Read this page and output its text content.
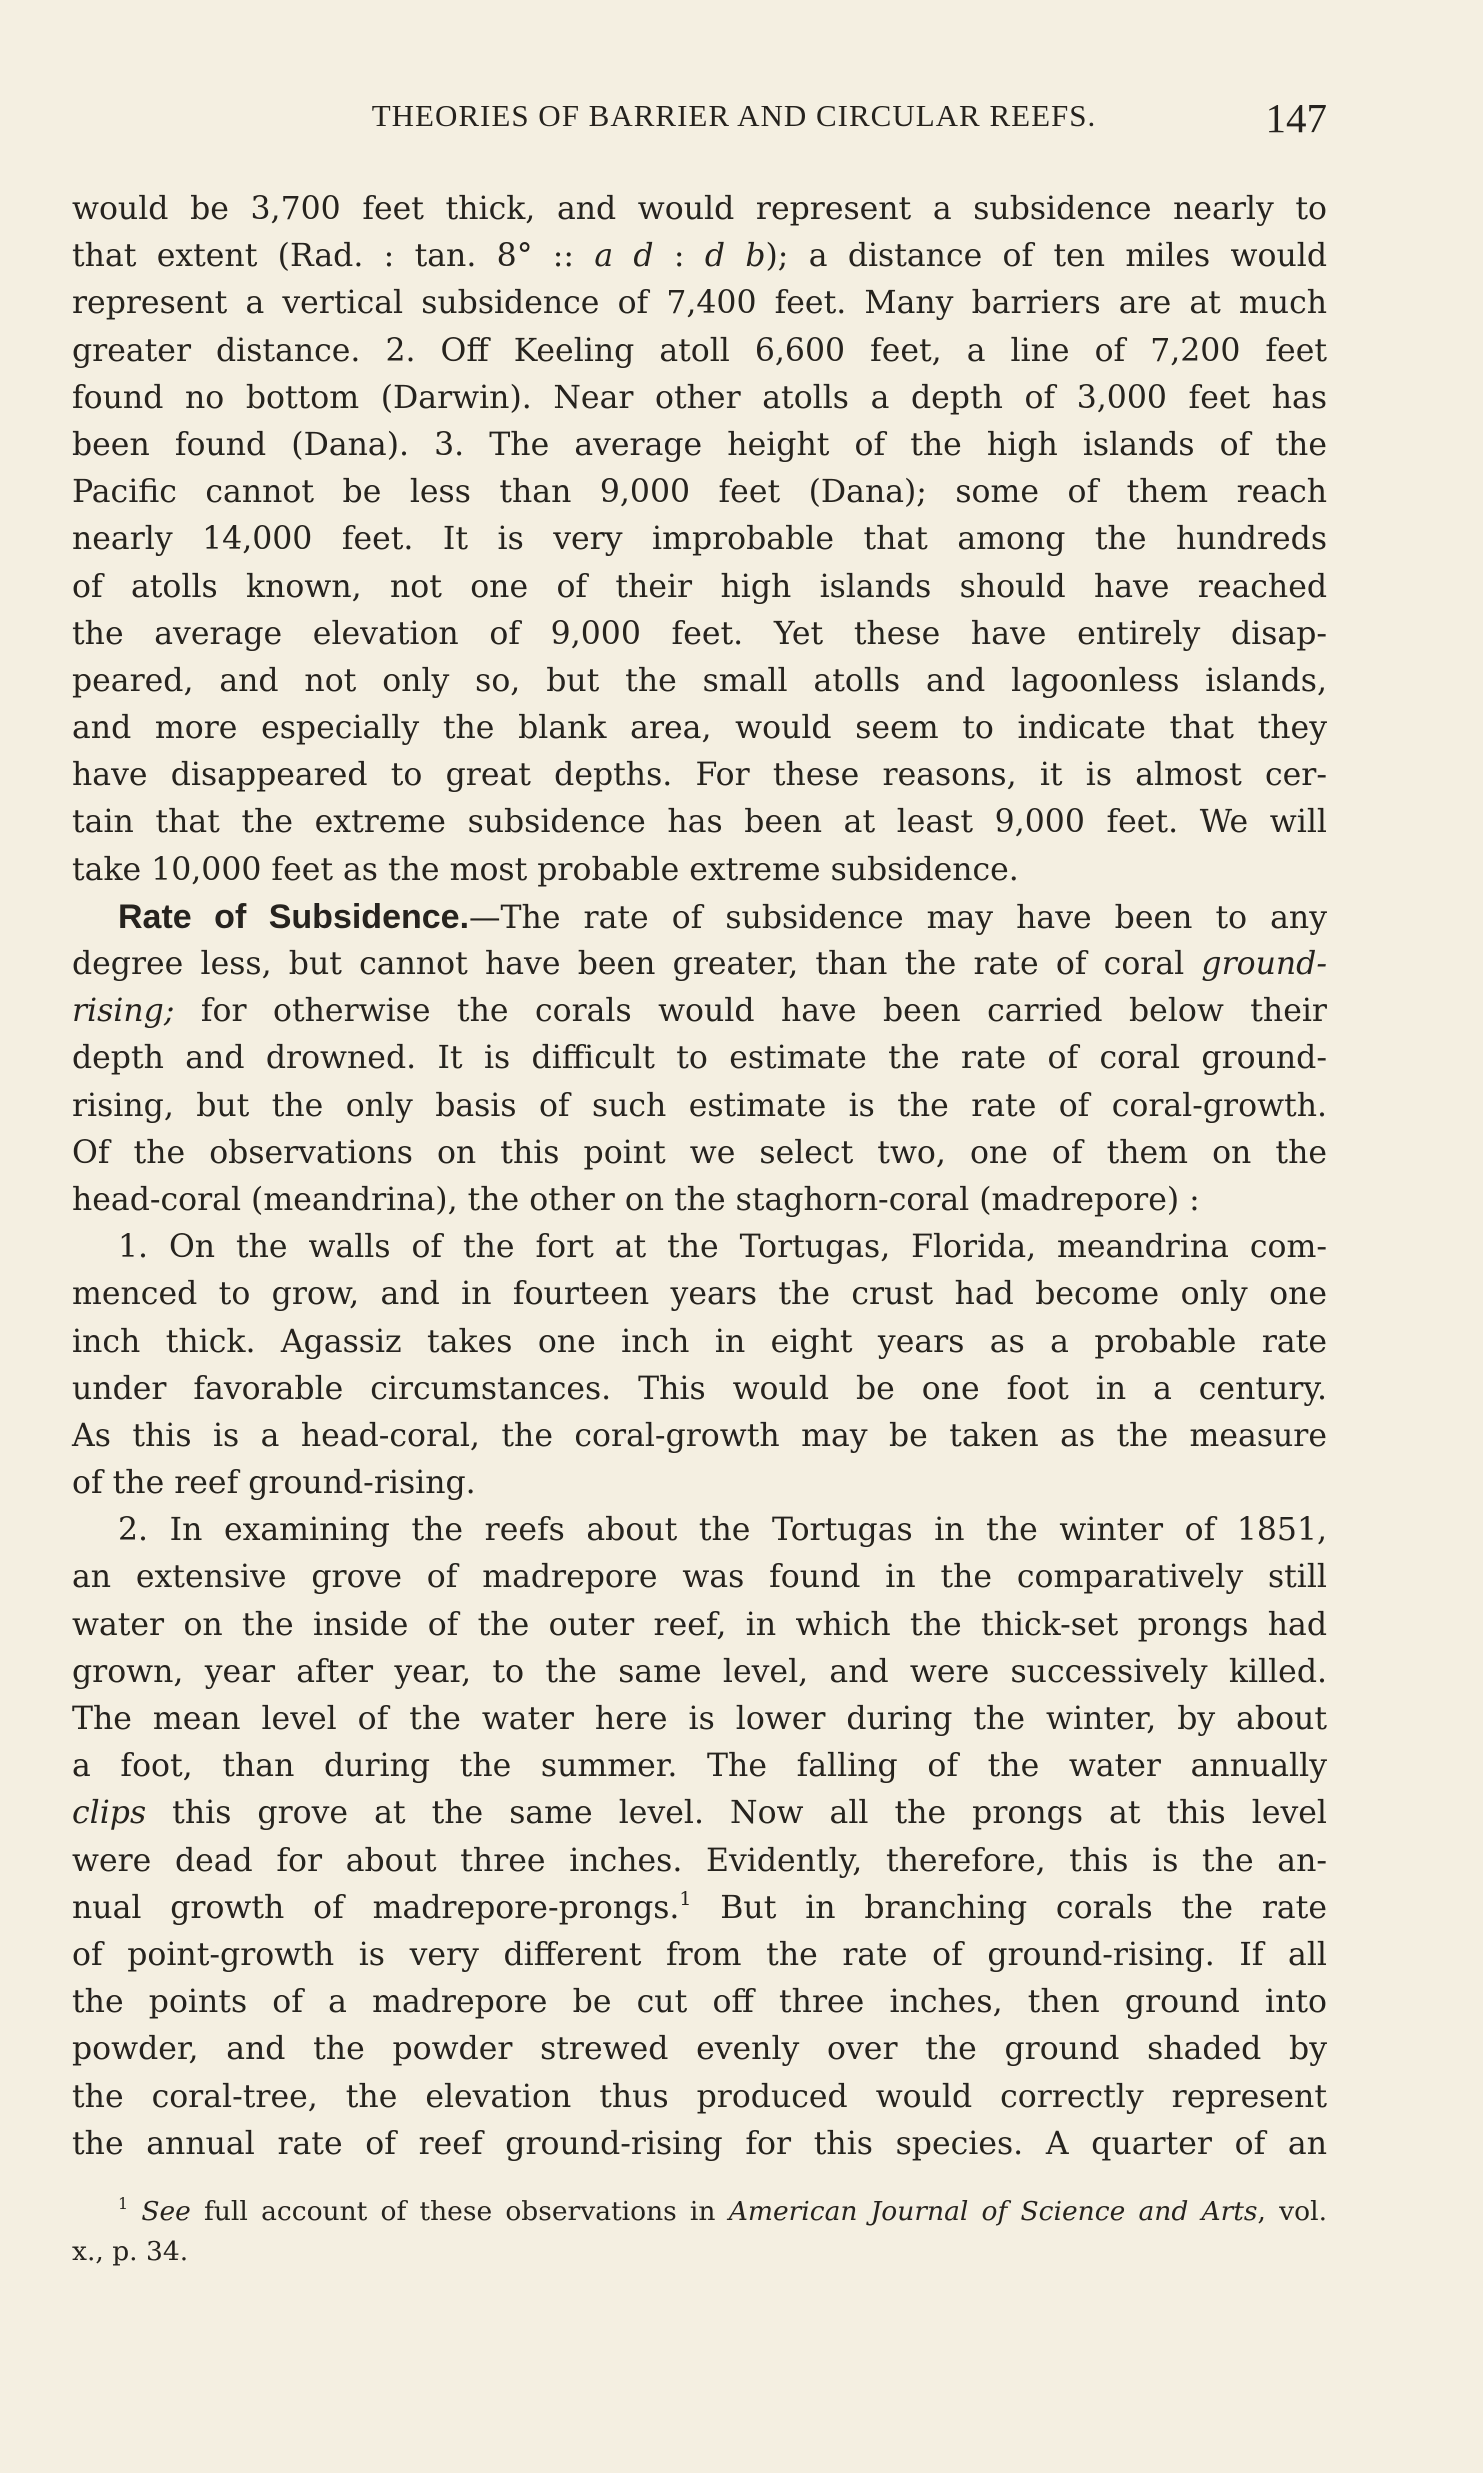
THEORIES OF BARRIER AND CIRCULAR REEFS.	147
would be 3,700 feet thick, and would represent a subsidence nearly to
that extent (Rad. : tan. 8° :: a d : d b); a distance of ten miles would
represent a vertical subsidence of 7,400 feet. Many barriers are at much
greater distance. 2. Off Keeling atoll 6,600 feet, a line of 7,200 feet
found no bottom (Darwin). Near other atolls a depth of 3,000 feet has
been found (Dana). 3. The average height of the high islands of the
Pacific cannot be less than 9,000 feet (Dana); some of them reach
nearly 14,000 feet. It is very improbable that among the hundreds
of atolls known, not one of their high islands should have reached
the average elevation of 9,000 feet. Yet these have entirely disap-
peared, and not only so, but the small atolls and lagoonless islands,
and more especially the blank area, would seem to indicate that they
have disappeared to great depths. For these reasons, it is almost cer-
tain that the extreme subsidence has been at least 9,000 feet. We will
take 10,000 feet as the most probable extreme subsidence.
Rate of Subsidence.—The rate of subsidence may have been to any
degree less, but cannot have been greater, than the rate of coral ground-
rising; for otherwise the corals would have been carried below their
depth and drowned. It is difficult to estimate the rate of coral ground-
rising, but the only basis of such estimate is the rate of coral-growth.
Of the observations on this point we select two, one of them on the
head-coral (meandrina), the other on the staghorn-coral (madrepore) :
1. On the walls of the fort at the Tortugas, Florida, meandrina com-
menced to grow, and in fourteen years the crust had become only one
inch thick. Agassiz takes one inch in eight years as a probable rate
under favorable circumstances. This would be one foot in a century.
As this is a head-coral, the coral-growth may be taken as the measure
of the reef ground-rising.
2. In examining the reefs about the Tortugas in the winter of 1851,
an extensive grove of madrepore was found in the comparatively still
water on the inside of the outer reef, in which the thick-set prongs had
grown, year after year, to the same level, and were successively killed.
The mean level of the water here is lower during the winter, by about
a foot, than during the summer. The falling of the water annually
clips this grove at the same level. Now all the prongs at this level
were dead for about three inches. Evidently, therefore, this is the an-
nual growth of madrepore-prongs.$^1$ But in branching corals the rate
of point-growth is very different from the rate of ground-rising. If all
the points of a madrepore be cut off three inches, then ground into
powder, and the powder strewed evenly over the ground shaded by
the coral-tree, the elevation thus produced would correctly represent
the annual rate of reef ground-rising for this species. A quarter of an
$^1$ See full account of these observations in American Journal of Science and Arts, vol.
x., p. 34.
